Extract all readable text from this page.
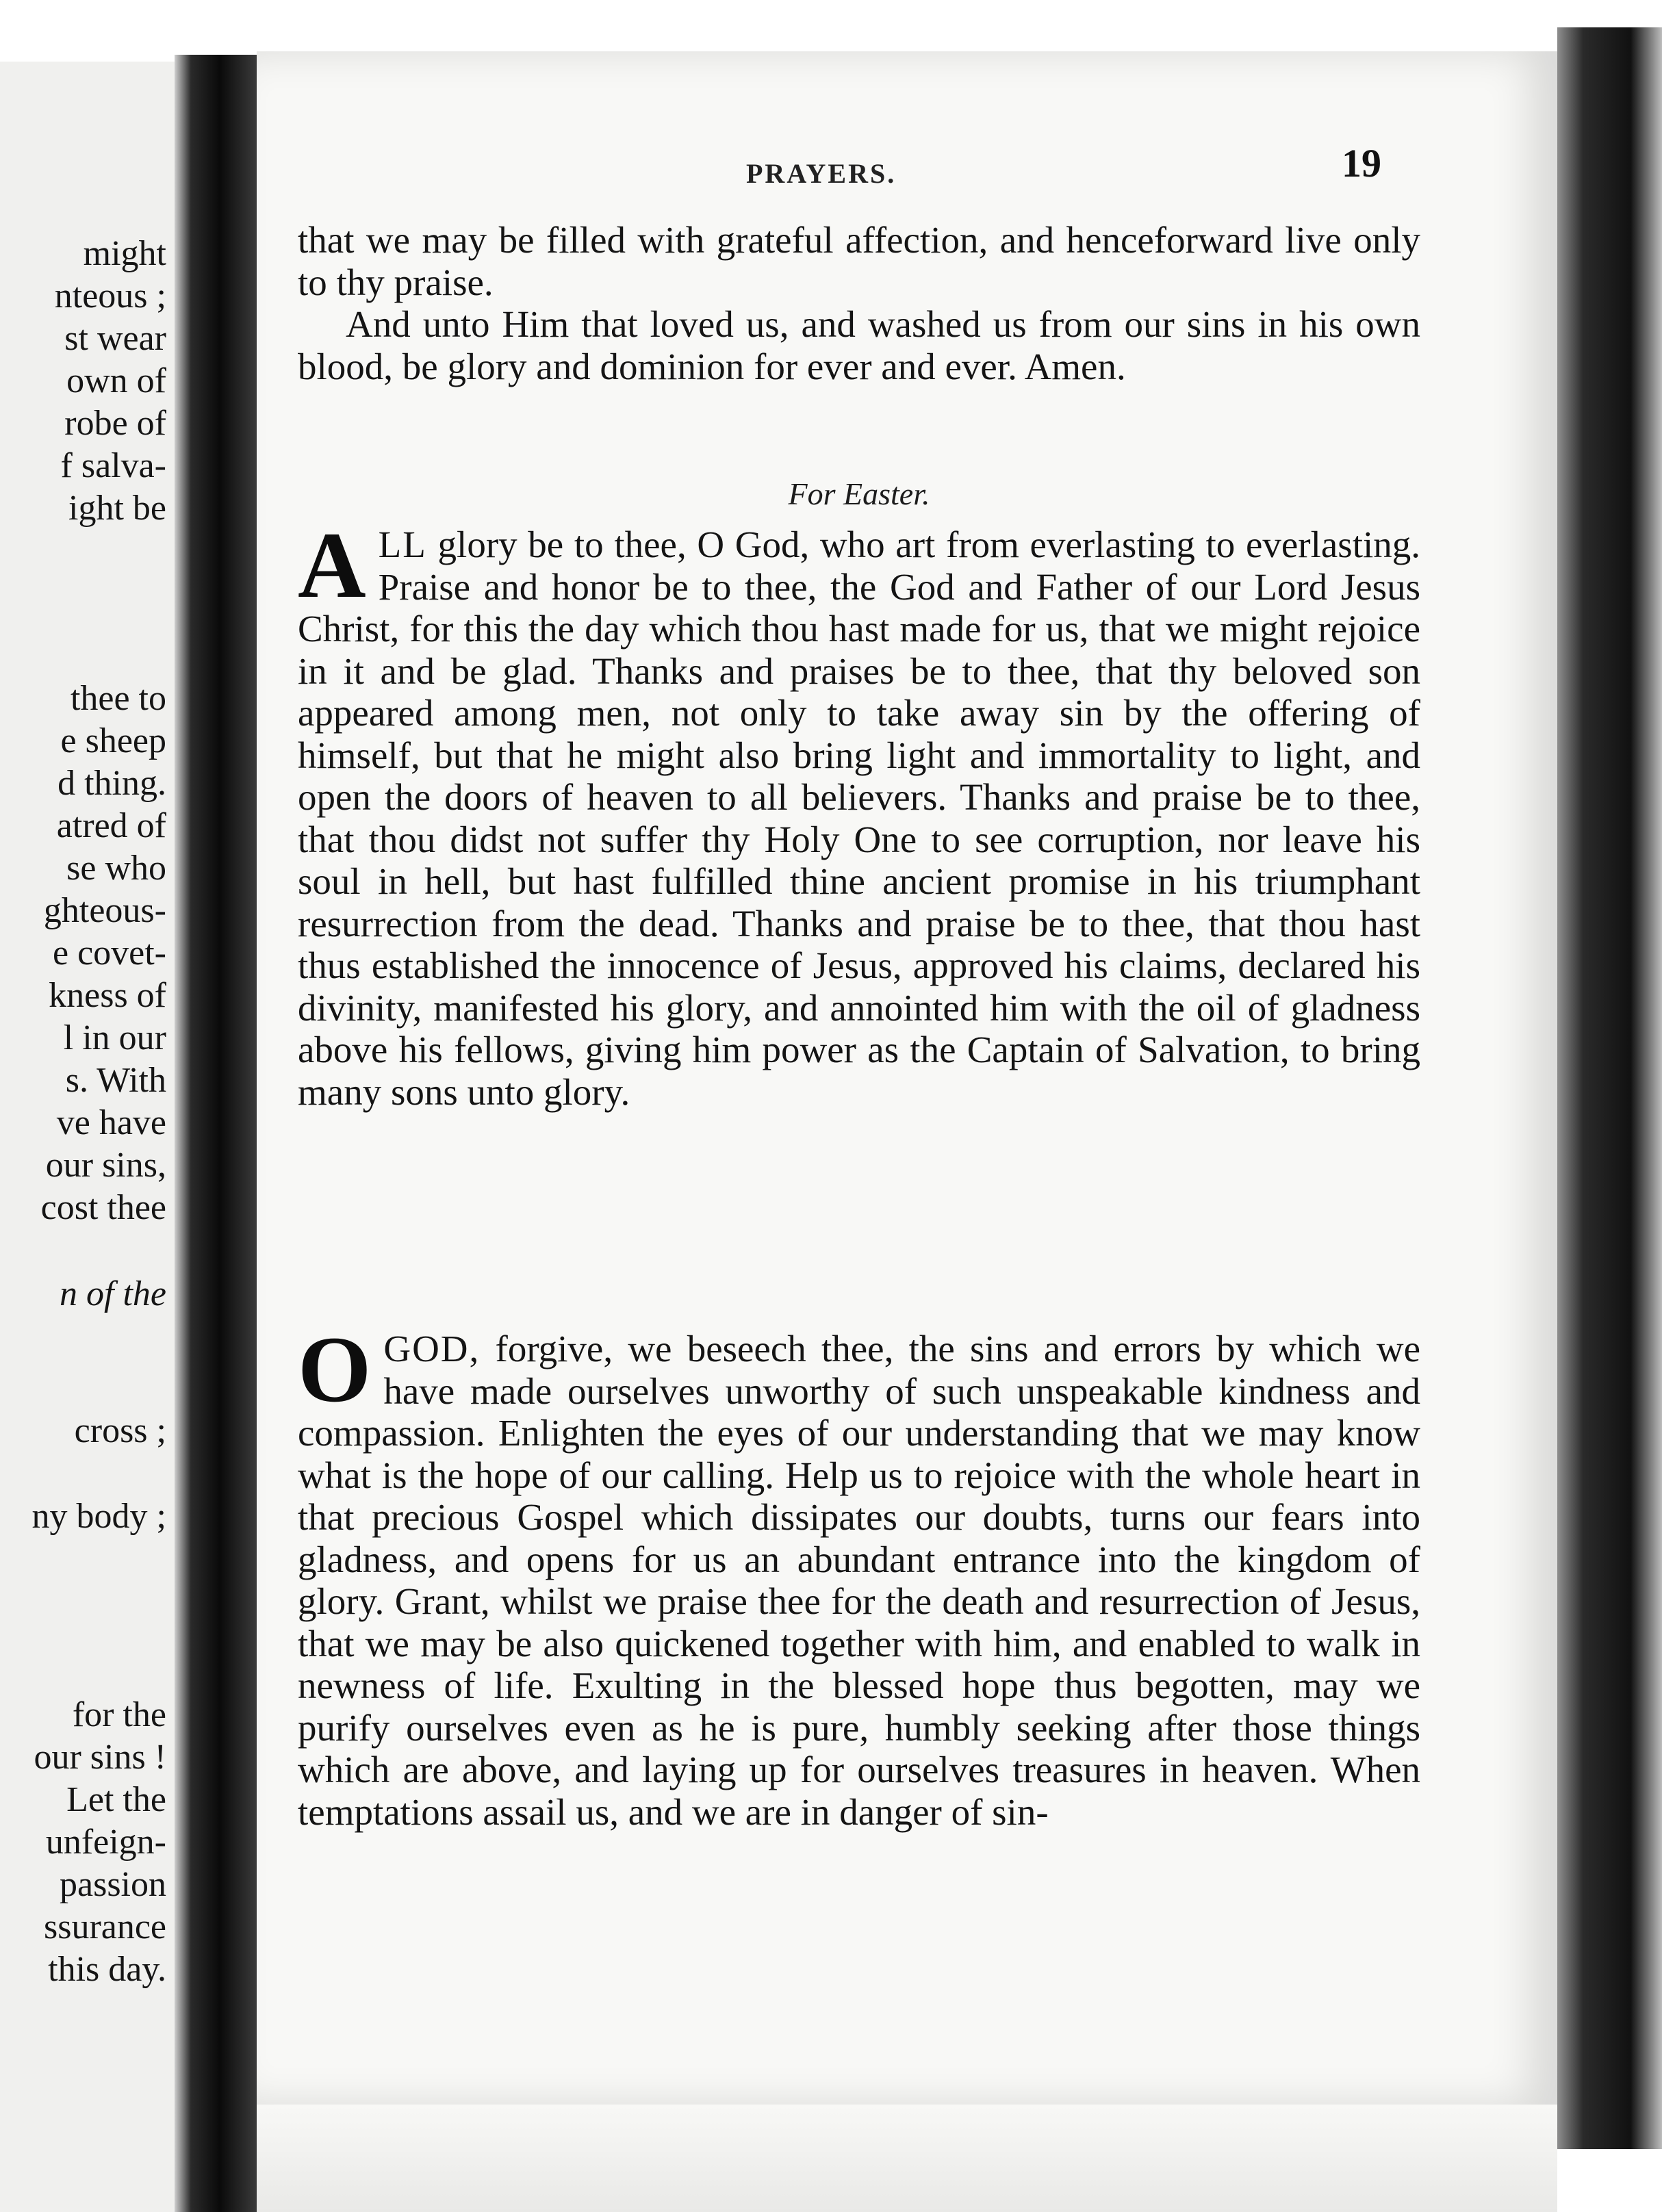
might
nteous ;
st wear
own of
robe of
f salva-
ight be
thee to
e sheep
d thing.
atred of
se who
ghteous-
e covet-
kness of
l in our
s. With
ve have
our sins,
cost thee
n of the
cross ;
ny body ;
for the
our sins !
Let the
unfeign-
passion
ssurance
this day.
PRAYERS.	19

that we may be filled with grateful affection, and henceforward live only to thy praise.

And unto Him that loved us, and washed us from our sins in his own blood, be glory and dominion for ever and ever. Amen.

For Easter.

ALL glory be to thee, O God, who art from everlasting to everlasting. Praise and honor be to thee, the God and Father of our Lord Jesus Christ, for this the day which thou hast made for us, that we might rejoice in it and be glad. Thanks and praises be to thee, that thy beloved son appeared among men, not only to take away sin by the offering of himself, but that he might also bring light and immortality to light, and open the doors of heaven to all believers. Thanks and praise be to thee, that thou didst not suffer thy Holy One to see corruption, nor leave his soul in hell, but hast fulfilled thine ancient promise in his triumphant resurrection from the dead. Thanks and praise be to thee, that thou hast thus established the innocence of Jesus, approved his claims, declared his divinity, manifested his glory, and annointed him with the oil of gladness above his fellows, giving him power as the Captain of Salvation, to bring many sons unto glory.

OGOD, forgive, we beseech thee, the sins and errors by which we have made ourselves unworthy of such unspeakable kindness and compassion. Enlighten the eyes of our understanding that we may know what is the hope of our calling. Help us to rejoice with the whole heart in that precious Gospel which dissipates our doubts, turns our fears into gladness, and opens for us an abundant entrance into the kingdom of glory. Grant, whilst we praise thee for the death and resurrection of Jesus, that we may be also quickened together with him, and enabled to walk in newness of life. Exulting in the blessed hope thus begotten, may we purify ourselves even as he is pure, humbly seeking after those things which are above, and laying up for ourselves treasures in heaven. When temptations assail us, and we are in danger of sin-
